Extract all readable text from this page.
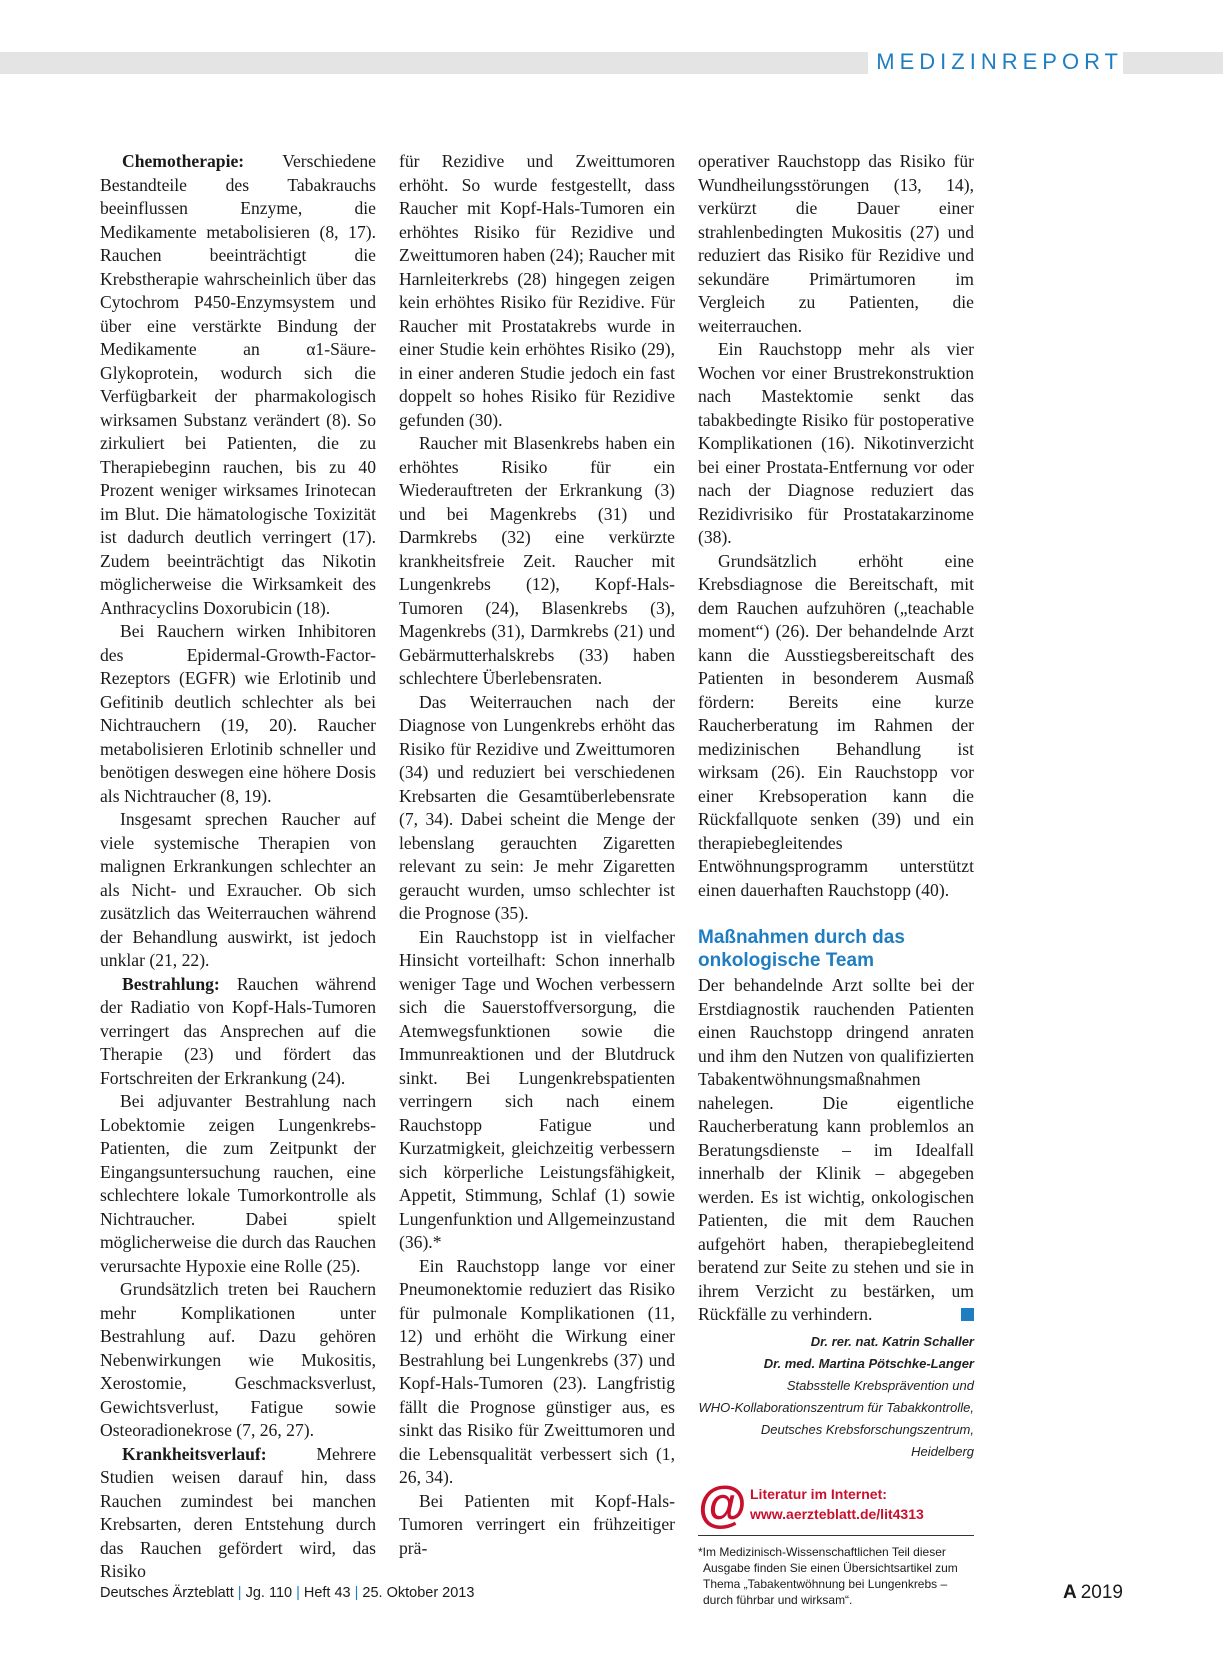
MEDIZINREPORT

Chemotherapie: Verschiedene Bestandteile des Tabakrauchs beeinflussen Enzyme, die Medikamente metabolisieren (8, 17). Rauchen beeinträchtigt die Krebstherapie wahrscheinlich über das Cytochrom P450-Enzymsystem und über eine verstärkte Bindung der Medikamente an α1-Säure-Glykoprotein, wodurch sich die Verfügbarkeit der pharmakologisch wirksamen Substanz verändert (8). So zirkuliert bei Patienten, die zu Therapiebeginn rauchen, bis zu 40 Prozent weniger wirksames Irinotecan im Blut. Die hämatologische Toxizität ist dadurch deutlich verringert (17). Zudem beeinträchtigt das Nikotin möglicherweise die Wirksamkeit des Anthracyclins Doxorubicin (18).

Bei Rauchern wirken Inhibitoren des Epidermal-Growth-Factor-Rezeptors (EGFR) wie Erlotinib und Gefitinib deutlich schlechter als bei Nichtrauchern (19, 20). Raucher metabolisieren Erlotinib schneller und benötigen deswegen eine höhere Dosis als Nichtraucher (8, 19).

Insgesamt sprechen Raucher auf viele systemische Therapien von malignen Erkrankungen schlechter an als Nicht- und Exraucher. Ob sich zusätzlich das Weiterrauchen während der Behandlung auswirkt, ist jedoch unklar (21, 22).

Bestrahlung: Rauchen während der Radiatio von Kopf-Hals-Tumoren verringert das Ansprechen auf die Therapie (23) und fördert das Fortschreiten der Erkrankung (24).

Bei adjuvanter Bestrahlung nach Lobektomie zeigen Lungenkrebs-Patienten, die zum Zeitpunkt der Eingangsuntersuchung rauchen, eine schlechtere lokale Tumorkontrolle als Nichtraucher. Dabei spielt möglicherweise die durch das Rauchen verursachte Hypoxie eine Rolle (25).

Grundsätzlich treten bei Rauchern mehr Komplikationen unter Bestrahlung auf. Dazu gehören Nebenwirkungen wie Mukositis, Xerostomie, Geschmacksverlust, Gewichtsverlust, Fatigue sowie Osteoradionekrose (7, 26, 27).

Krankheitsverlauf: Mehrere Studien weisen darauf hin, dass Rauchen zumindest bei manchen Krebsarten, deren Entstehung durch das Rauchen gefördert wird, das Risiko

für Rezidive und Zweittumoren erhöht. So wurde festgestellt, dass Raucher mit Kopf-Hals-Tumoren ein erhöhtes Risiko für Rezidive und Zweittumoren haben (24); Raucher mit Harnleiterkrebs (28) hingegen zeigen kein erhöhtes Risiko für Rezidive. Für Raucher mit Prostatakrebs wurde in einer Studie kein erhöhtes Risiko (29), in einer anderen Studie jedoch ein fast doppelt so hohes Risiko für Rezidive gefunden (30).

Raucher mit Blasenkrebs haben ein erhöhtes Risiko für ein Wiederauftreten der Erkrankung (3) und bei Magenkrebs (31) und Darmkrebs (32) eine verkürzte krankheitsfreie Zeit. Raucher mit Lungenkrebs (12), Kopf-Hals-Tumoren (24), Blasenkrebs (3), Magenkrebs (31), Darmkrebs (21) und Gebärmutterhalskrebs (33) haben schlechtere Überlebensraten.

Das Weiterrauchen nach der Diagnose von Lungenkrebs erhöht das Risiko für Rezidive und Zweittumoren (34) und reduziert bei verschiedenen Krebsarten die Gesamtüberlebensrate (7, 34). Dabei scheint die Menge der lebenslang gerauchten Zigaretten relevant zu sein: Je mehr Zigaretten geraucht wurden, umso schlechter ist die Prognose (35).

Ein Rauchstopp ist in vielfacher Hinsicht vorteilhaft: Schon innerhalb weniger Tage und Wochen verbessern sich die Sauerstoffversorgung, die Atemwegsfunktionen sowie die Immunreaktionen und der Blutdruck sinkt. Bei Lungenkrebspatienten verringern sich nach einem Rauchstopp Fatigue und Kurzatmigkeit, gleichzeitig verbessern sich körperliche Leistungsfähigkeit, Appetit, Stimmung, Schlaf (1) sowie Lungenfunktion und Allgemeinzustand (36).*

Ein Rauchstopp lange vor einer Pneumonektomie reduziert das Risiko für pulmonale Komplikationen (11, 12) und erhöht die Wirkung einer Bestrahlung bei Lungenkrebs (37) und Kopf-Hals-Tumoren (23). Langfristig fällt die Prognose günstiger aus, es sinkt das Risiko für Zweittumoren und die Lebensqualität verbessert sich (1, 26, 34).

Bei Patienten mit Kopf-Hals-Tumoren verringert ein frühzeitiger prä-

operativer Rauchstopp das Risiko für Wundheilungsstörungen (13, 14), verkürzt die Dauer einer strahlenbedingten Mukositis (27) und reduziert das Risiko für Rezidive und sekundäre Primärtumoren im Vergleich zu Patienten, die weiterrauchen.

Ein Rauchstopp mehr als vier Wochen vor einer Brustrekonstruktion nach Mastektomie senkt das tabakbedingte Risiko für postoperative Komplikationen (16). Nikotinverzicht bei einer Prostata-Entfernung vor oder nach der Diagnose reduziert das Rezidivrisiko für Prostatakarzinome (38).

Grundsätzlich erhöht eine Krebsdiagnose die Bereitschaft, mit dem Rauchen aufzuhören („teachable moment“) (26). Der behandelnde Arzt kann die Ausstiegsbereitschaft des Patienten in besonderem Ausmaß fördern: Bereits eine kurze Raucherberatung im Rahmen der medizinischen Behandlung ist wirksam (26). Ein Rauchstopp vor einer Krebsoperation kann die Rückfallquote senken (39) und ein therapiebegleitendes Entwöhnungsprogramm unterstützt einen dauerhaften Rauchstopp (40).

Maßnahmen durch das onkologische Team

Der behandelnde Arzt sollte bei der Erstdiagnostik rauchenden Patienten einen Rauchstopp dringend anraten und ihm den Nutzen von qualifizierten Tabakentwöhnungsmaßnahmen nahelegen. Die eigentliche Raucherberatung kann problemlos an Beratungsdienste – im Idealfall innerhalb der Klinik – abgegeben werden. Es ist wichtig, onkologischen Patienten, die mit dem Rauchen aufgehört haben, therapiebegleitend beratend zur Seite zu stehen und sie in ihrem Verzicht zu bestärken, um Rückfälle zu verhindern.

Dr. rer. nat. Katrin Schaller
Dr. med. Martina Pötschke-Langer
Stabsstelle Krebsprävention und
WHO-Kollaborationszentrum für Tabakkontrolle,
Deutsches Krebsforschungszentrum, Heidelberg
@ Literatur im Internet:
www.aerzteblatt.de/lit4313
*Im Medizinisch-Wissenschaftlichen Teil dieser Ausgabe finden Sie einen Übersichtsartikel zum Thema „Tabakentwöhnung bei Lungenkrebs – durch führbar und wirksam“.
Deutsches Ärzteblatt | Jg. 110 | Heft 43 | 25. Oktober 2013	A 2019
